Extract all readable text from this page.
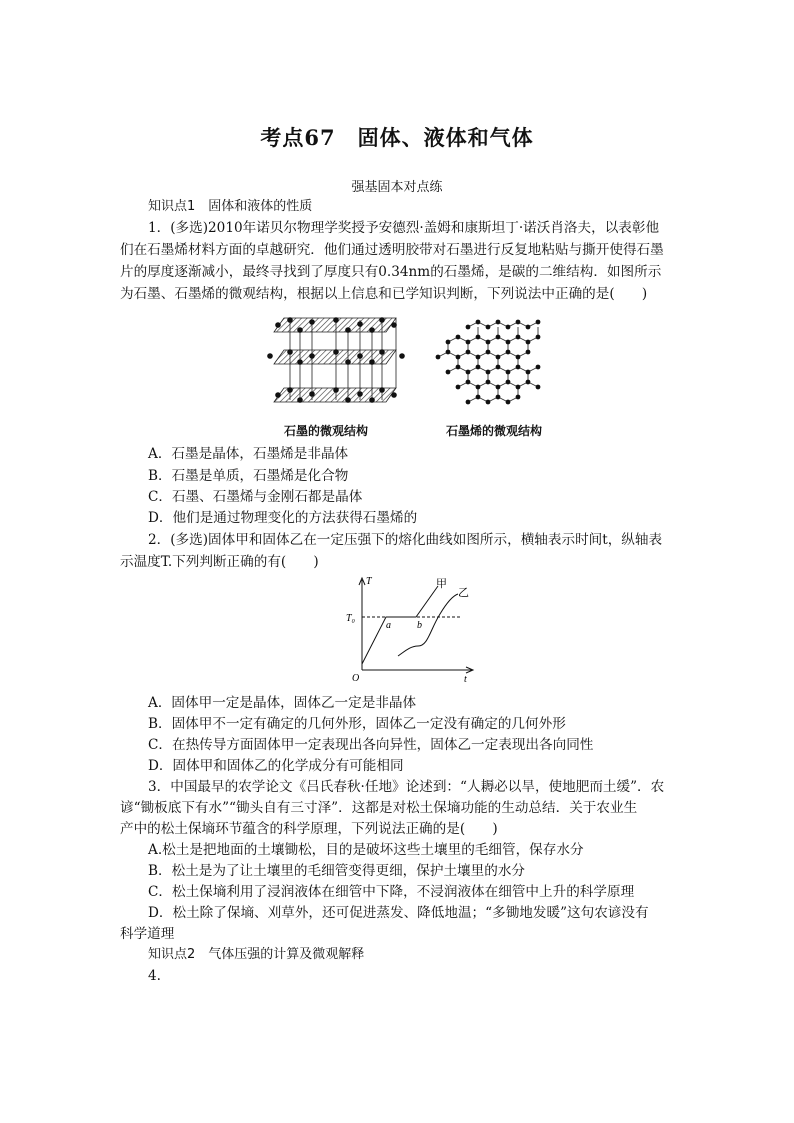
考点67　固体、液体和气体
强基固本对点练
知识点1　固体和液体的性质
1．(多选)2010年诺贝尔物理学奖授予安德烈·盖姆和康斯坦丁·诺沃肖洛夫，以表彰他
们在石墨烯材料方面的卓越研究．他们通过透明胶带对石墨进行反复地粘贴与撕开使得石墨
片的厚度逐渐减小，最终寻找到了厚度只有0.34nm的石墨烯，是碳的二维结构．如图所示
为石墨、石墨烯的微观结构，根据以上信息和已学知识判断，下列说法中正确的是(　　)
石墨的微观结构	石墨烯的微观结构
A．石墨是晶体，石墨烯是非晶体
B．石墨是单质，石墨烯是化合物
C．石墨、石墨烯与金刚石都是晶体
D．他们是通过物理变化的方法获得石墨烯的
2．(多选)固体甲和固体乙在一定压强下的熔化曲线如图所示，横轴表示时间t，纵轴表
示温度T.下列判断正确的有(　　)
T
t
O
T₀
a	b
甲
乙
A．固体甲一定是晶体，固体乙一定是非晶体
B．固体甲不一定有确定的几何外形，固体乙一定没有确定的几何外形
C．在热传导方面固体甲一定表现出各向异性，固体乙一定表现出各向同性
D．固体甲和固体乙的化学成分有可能相同
3．中国最早的农学论文《吕氏春秋·任地》论述到：“人耨必以旱，使地肥而土缓”．农
谚“锄板底下有水”“锄头自有三寸泽”．这都是对松土保墒功能的生动总结．关于农业生
产中的松土保墒环节蕴含的科学原理，下列说法正确的是(　　)
A.松土是把地面的土壤锄松，目的是破坏这些土壤里的毛细管，保存水分
B．松土是为了让土壤里的毛细管变得更细，保护土壤里的水分
C．松土保墒利用了浸润液体在细管中下降，不浸润液体在细管中上升的科学原理
D．松土除了保墒、刈草外，还可促进蒸发、降低地温；“多锄地发暖”这句农谚没有
科学道理
知识点2　气体压强的计算及微观解释
4.
